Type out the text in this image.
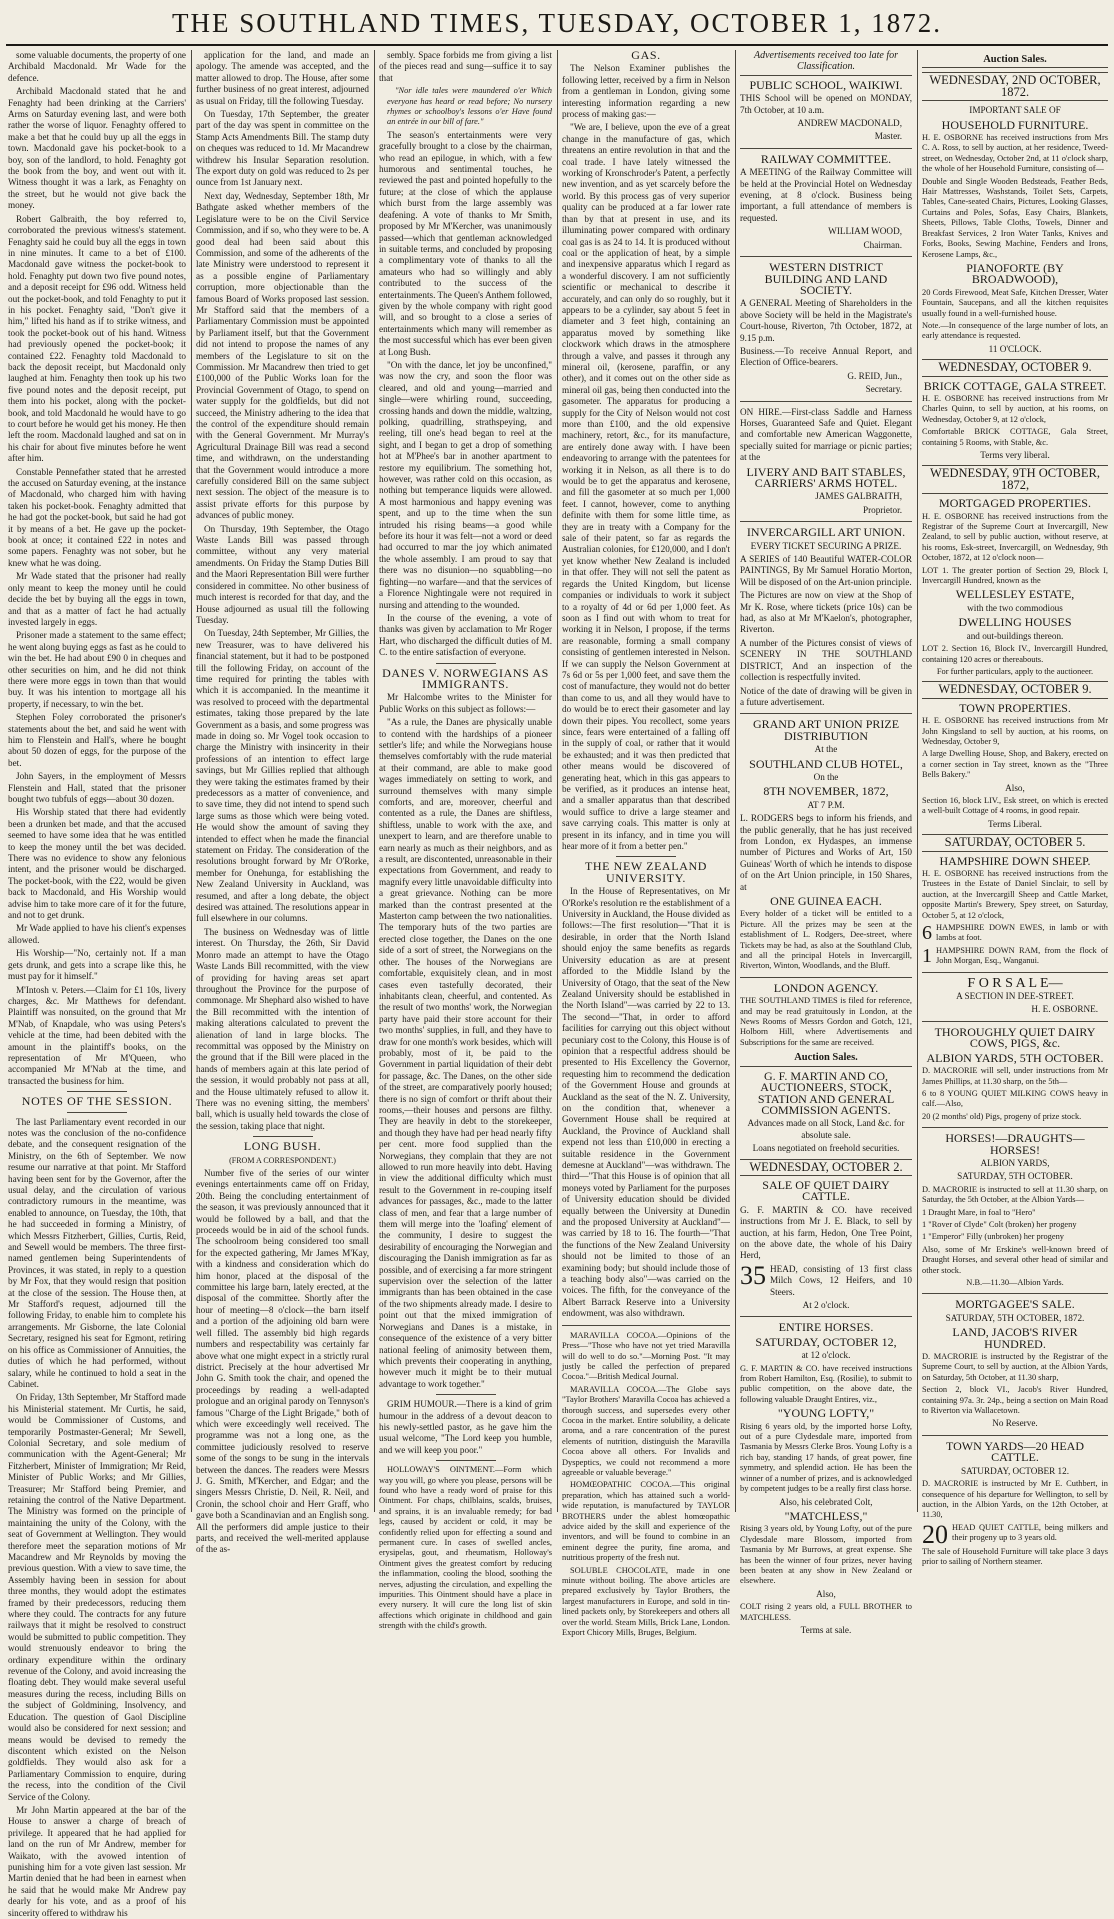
THE SOUTHLAND TIMES, TUESDAY, OCTOBER 1, 1872.

some valuable documents, the property of one Archibald Macdonald. Mr Wade for the defence.

Archibald Macdonald stated that he and Fenaghty had been drinking at the Carriers' Arms on Saturday evening last, and were both rather the worse of liquor. Fenaghty offered to make a bet that he could buy up all the eggs in town. Macdonald gave his pocket-book to a boy, son of the landlord, to hold. Fenaghty got the book from the boy, and went out with it. Witness thought it was a lark, as Fenaghty on the street, but he would not give back the money.

Robert Galbraith, the boy referred to, corroborated the previous witness's statement. Fenaghty said he could buy all the eggs in town in nine minutes. It came to a bet of £100. Macdonald gave witness the pocket-book to hold. Fenaghty put down two five pound notes, and a deposit receipt for £96 odd. Witness held out the pocket-book, and told Fenaghty to put it in his pocket. Fenaghty said, "Don't give it him," lifted his hand as if to strike witness, and took the pocket-book out of his hand. Witness had previously opened the pocket-book; it contained £22. Fenaghty told Macdonald to back the deposit receipt, but Macdonald only laughed at him. Fenaghty then took up his two five pound notes and the deposit receipt, put them into his pocket, along with the pocket-book, and told Macdonald he would have to go to court before he would get his money. He then left the room. Macdonald laughed and sat on in his chair for about five minutes before he went after him.

Constable Pennefather stated that he arrested the accused on Saturday evening, at the instance of Macdonald, who charged him with having taken his pocket-book. Fenaghty admitted that he had got the pocket-book, but said he had got it by means of a bet. He gave up the pocket-book at once; it contained £22 in notes and some papers. Fenaghty was not sober, but he knew what he was doing.

Mr Wade stated that the prisoner had really only meant to keep the money until he could decide the bet by buying all the eggs in town, and that as a matter of fact he had actually invested largely in eggs.

Prisoner made a statement to the same effect; he went along buying eggs as fast as he could to win the bet. He had about £90 0 in cheques and other securities on him, and he did not think there were more eggs in town than that would buy. It was his intention to mortgage all his property, if necessary, to win the bet.

Stephen Foley corroborated the prisoner's statements about the bet, and said he went with him to Flenstein and Hall's, where he bought about 50 dozen of eggs, for the purpose of the bet.

John Sayers, in the employment of Messrs Flenstein and Hall, stated that the prisoner bought two tubfuls of eggs—about 30 dozen.

His Worship stated that there had evidently been a drunken bet made, and that the accused seemed to have some idea that he was entitled to keep the money until the bet was decided. There was no evidence to show any felonious intent, and the prisoner would be discharged. The pocket-book, with the £22, would be given back to Macdonald, and His Worship would advise him to take more care of it for the future, and not to get drunk.

Mr Wade applied to have his client's expenses allowed.

His Worship—"No, certainly not. If a man gets drunk, and gets into a scrape like this, he must pay for it himself."

M'Intosh v. Peters.—Claim for £1 10s, livery charges, &c. Mr Matthews for defendant. Plaintiff was nonsuited, on the ground that Mr M'Nab, of Knapdale, who was using Peters's vehicle at the time, had been debited with the amount in the plaintiff's books, on the representation of Mr M'Queen, who accompanied Mr M'Nab at the time, and transacted the business for him.

NOTES OF THE SESSION.

The last Parliamentary event recorded in our notes was the conclusion of the no-confidence debate, and the consequent resignation of the Ministry, on the 6th of September. We now resume our narrative at that point. Mr Stafford having been sent for by the Governor, after the usual delay, and the circulation of various contradictory rumours in the meantime, was enabled to announce, on Tuesday, the 10th, that he had succeeded in forming a Ministry, of which Messrs Fitzherbert, Gillies, Curtis, Reid, and Sewell would be members. The three first-named gentlemen being Superintendents of Provinces, it was stated, in reply to a question by Mr Fox, that they would resign that position at the close of the session. The House then, at Mr Stafford's request, adjourned till the following Friday, to enable him to complete his arrangements. Mr Gisborne, the late Colonial Secretary, resigned his seat for Egmont, retiring on his office as Commissioner of Annuities, the duties of which he had performed, without salary, while he continued to hold a seat in the Cabinet.

On Friday, 13th September, Mr Stafford made his Ministerial statement. Mr Curtis, he said, would be Commissioner of Customs, and temporarily Postmaster-General; Mr Sewell, Colonial Secretary, and sole medium of communication with the Agent-General; Mr Fitzherbert, Minister of Immigration; Mr Reid, Minister of Public Works; and Mr Gillies, Treasurer; Mr Stafford being Premier, and retaining the control of the Native Department. The Ministry was formed on the principle of maintaining the unity of the Colony, with the seat of Government at Wellington. They would therefore meet the separation motions of Mr Macandrew and Mr Reynolds by moving the previous question. With a view to save time, the Assembly having been in session for about three months, they would adopt the estimates framed by their predecessors, reducing them where they could. The contracts for any future railways that it might be resolved to construct would be submitted to public competition. They would strenuously endeavor to bring the ordinary expenditure within the ordinary revenue of the Colony, and avoid increasing the floating debt. They would make several useful measures during the recess, including Bills on the subject of Goldmining, Insolvency, and Education. The question of Gaol Discipline would also be considered for next session; and means would be devised to remedy the discontent which existed on the Nelson goldfields. They would also ask for a Parliamentary Commission to enquire, during the recess, into the condition of the Civil Service of the Colony.

Mr John Martin appeared at the bar of the House to answer a charge of breach of privilege. It appeared that he had applied for land on the run of Mr Andrew, member for Waikato, with the avowed intention of punishing him for a vote given last session. Mr Martin denied that he had been in earnest when he said that he would make Mr Andrew pay dearly for his vote, and as a proof of his sincerity offered to withdraw his

application for the land, and made an apology. The amende was accepted, and the matter allowed to drop. The House, after some further business of no great interest, adjourned as usual on Friday, till the following Tuesday.

On Tuesday, 17th September, the greater part of the day was spent in committee on the Stamp Acts Amendments Bill. The stamp duty on cheques was reduced to 1d. Mr Macandrew withdrew his Insular Separation resolution. The export duty on gold was reduced to 2s per ounce from 1st January next.

Next day, Wednesday, September 18th, Mr Bathgate asked whether members of the Legislature were to be on the Civil Service Commission, and if so, who they were to be. A good deal had been said about this Commission, and some of the adherents of the late Ministry were understood to represent it as a possible engine of Parliamentary corruption, more objectionable than the famous Board of Works proposed last session. Mr Stafford said that the members of a Parliamentary Commission must be appointed by Parliament itself, but that the Government did not intend to propose the names of any members of the Legislature to sit on the Commission. Mr Macandrew then tried to get £100,000 of the Public Works loan for the Provincial Government of Otago, to spend on water supply for the goldfields, but did not succeed, the Ministry adhering to the idea that the control of the expenditure should remain with the General Government. Mr Murray's Agricultural Drainage Bill was read a second time, and withdrawn, on the understanding that the Government would introduce a more carefully considered Bill on the same subject next session. The object of the measure is to assist private efforts for this purpose by advances of public money.

On Thursday, 19th September, the Otago Waste Lands Bill was passed through committee, without any very material amendments. On Friday the Stamp Duties Bill and the Maori Representation Bill were further considered in committee. No other business of much interest is recorded for that day, and the House adjourned as usual till the following Tuesday.

On Tuesday, 24th September, Mr Gillies, the new Treasurer, was to have delivered his financial statement, but it had to be postponed till the following Friday, on account of the time required for printing the tables with which it is accompanied. In the meantime it was resolved to proceed with the departmental estimates, taking those prepared by the late Government as a basis, and some progress was made in doing so. Mr Vogel took occasion to charge the Ministry with insincerity in their professions of an intention to effect large savings, but Mr Gillies replied that although they were taking the estimates framed by their predecessors as a matter of convenience, and to save time, they did not intend to spend such large sums as those which were being voted. He would show the amount of saving they intended to effect when he made the financial statement on Friday. The consideration of the resolutions brought forward by Mr O'Rorke, member for Onehunga, for establishing the New Zealand University in Auckland, was resumed, and after a long debate, the object desired was attained. The resolutions appear in full elsewhere in our columns.

The business on Wednesday was of little interest. On Thursday, the 26th, Sir David Monro made an attempt to have the Otago Waste Lands Bill recommitted, with the view of providing for having areas set apart throughout the Province for the purpose of commonage. Mr Shephard also wished to have the Bill recommitted with the intention of making alterations calculated to prevent the alienation of land in large blocks. The recommittal was opposed by the Ministry on the ground that if the Bill were placed in the hands of members again at this late period of the session, it would probably not pass at all, and the House ultimately refused to allow it. There was no evening sitting, the members' ball, which is usually held towards the close of the session, taking place that night.

LONG BUSH.

(FROM A CORRESPONDENT.)

Number five of the series of our winter evenings entertainments came off on Friday, 20th. Being the concluding entertainment of the season, it was previously announced that it would be followed by a ball, and that the proceeds would be in aid of the school funds. The schoolroom being considered too small for the expected gathering, Mr James M'Kay, with a kindness and consideration which do him honor, placed at the disposal of the committee his large barn, lately erected, at the disposal of the committee. Shortly after the hour of meeting—8 o'clock—the barn itself and a portion of the adjoining old barn were well filled. The assembly bid high regards numbers and respectability was certainly far above what one might expect in a strictly rural district. Precisely at the hour advertised Mr John G. Smith took the chair, and opened the proceedings by reading a well-adapted prologue and an original parody on Tennyson's famous "Charge of the Light Brigade," both of which were exceedingly well received. The programme was not a long one, as the committee judiciously resolved to reserve some of the songs to be sung in the intervals between the dances. The readers were Messrs J. G. Smith, M'Kercher, and Edgar; and the singers Messrs Christie, D. Neil, R. Neil, and Cronin, the school choir and Herr Graff, who gave both a Scandinavian and an English song. All the performers did ample justice to their parts, and received the well-merited applause of the as-

sembly. Space forbids me from giving a list of the pieces read and sung—suffice it to say that

"Nor idle tales were maundered o'er Which everyone has heard or read before; No nursery rhymes or schoolboy's lessons o'er Have found an entrée in our bill of fare."

The season's entertainments were very gracefully brought to a close by the chairman, who read an epilogue, in which, with a few humorous and sentimental touches, he reviewed the past and pointed hopefully to the future; at the close of which the applause which burst from the large assembly was deafening. A vote of thanks to Mr Smith, proposed by Mr M'Kercher, was unanimously passed—which that gentleman acknowledged in suitable terms, and concluded by proposing a complimentary vote of thanks to all the amateurs who had so willingly and ably contributed to the success of the entertainments. The Queen's Anthem followed, given by the whole company with right good will, and so brought to a close a series of entertainments which many will remember as the most successful which has ever been given at Long Bush.

"On with the dance, let joy be unconfined," was now the cry, and soon the floor was cleared, and old and young—married and single—were whirling round, succeeding, crossing hands and down the middle, waltzing, polking, quadrilling, strathspeying, and reeling, till one's head began to reel at the sight, and I began to get a drop of something hot at M'Phee's bar in another apartment to restore my equilibrium. The something hot, however, was rather cold on this occasion, as nothing but temperance liquids were allowed. A most harmonious and happy evening was spent, and up to the time when the sun intruded his rising beams—a good while before its hour it was felt—not a word or deed had occurred to mar the joy which animated the whole assembly. I am proud to say that there was no disunion—no squabbling—no fighting—no warfare—and that the services of a Florence Nightingale were not required in nursing and attending to the wounded.

In the course of the evening, a vote of thanks was given by acclamation to Mr Roger Hart, who discharged the difficult duties of M. C. to the entire satisfaction of everyone.

DANES V. NORWEGIANS AS IMMIGRANTS.

Mr Halcombe writes to the Minister for Public Works on this subject as follows:—

"As a rule, the Danes are physically unable to contend with the hardships of a pioneer settler's life; and while the Norwegians house themselves comfortably with the rude material at their command, are able to make good wages immediately on setting to work, and surround themselves with many simple comforts, and are, moreover, cheerful and contented as a rule, the Danes are shiftless, shiftless, unable to work with the axe, and unexpert to learn, and are therefore unable to earn nearly as much as their neighbors, and as a result, are discontented, unreasonable in their expectations from Government, and ready to magnify every little unavoidable difficulty into a great grievance. Nothing can be more marked than the contrast presented at the Masterton camp between the two nationalities. The temporary huts of the two parties are erected close together, the Danes on the one side of a sort of street, the Norwegians on the other. The houses of the Norwegians are comfortable, exquisitely clean, and in most cases even tastefully decorated, their inhabitants clean, cheerful, and contented. As the result of two months' work, the Norwegian party have paid their store account for their two months' supplies, in full, and they have to draw for one month's work besides, which will probably, most of it, be paid to the Government in partial liquidation of their debt for passage, &c. The Danes, on the other side of the street, are comparatively poorly housed; there is no sign of comfort or thrift about their rooms,—their houses and persons are filthy. They are heavily in debt to the storekeeper, and though they have had per head nearly fifty per cent. more food supplied than the Norwegians, they complain that they are not allowed to run more heavily into debt. Having in view the additional difficulty which must result to the Government in re-couping itself advances for passages, &c., made to the latter class of men, and fear that a large number of them will merge into the 'loafing' element of the community, I desire to suggest the desirability of encouraging the Norwegian and discouraging the Danish immigration as far as possible, and of exercising a far more stringent supervision over the selection of the latter immigrants than has been obtained in the case of the two shipments already made. I desire to point out that the mixed immigration of Norwegians and Danes is a mistake, in consequence of the existence of a very bitter national feeling of animosity between them, which prevents their cooperating in anything, however much it might be to their mutual advantage to work together."

GRIM HUMOUR.—There is a kind of grim humour in the address of a devout deacon to his newly-settled pastor, as he gave him the usual welcome, "The Lord keep you humble, and we will keep you poor."

HOLLOWAY'S OINTMENT.—Form which way you will, go where you please, persons will be found who have a ready word of praise for this Ointment. For chaps, chilblains, scalds, bruises, and sprains, it is an invaluable remedy; for bad legs, caused by accident or cold, it may be confidently relied upon for effecting a sound and permanent cure. In cases of swelled ancles, erysipelas, gout, and rheumatism, Holloway's Ointment gives the greatest comfort by reducing the inflammation, cooling the blood, soothing the nerves, adjusting the circulation, and expelling the impurities. This Ointment should have a place in every nursery. It will cure the long list of skin affections which originate in childhood and gain strength with the child's growth.

GAS.

The Nelson Examiner publishes the following letter, received by a firm in Nelson from a gentleman in London, giving some interesting information regarding a new process of making gas:—

"We are, I believe, upon the eve of a great change in the manufacture of gas, which threatens an entire revolution in that and the coal trade. I have lately witnessed the working of Kronschroder's Patent, a perfectly new invention, and as yet scarcely before the world. By this process gas of very superior quality can be produced at a far lower rate than by that at present in use, and its illuminating power compared with ordinary coal gas is as 24 to 14. It is produced without coal or the application of heat, by a simple and inexpensive apparatus which I regard as a wonderful discovery. I am not sufficiently scientific or mechanical to describe it accurately, and can only do so roughly, but it appears to be a cylinder, say about 5 feet in diameter and 3 feet high, containing an apparatus moved by something like clockwork which draws in the atmosphere through a valve, and passes it through any mineral oil, (kerosene, paraffin, or any other), and it comes out on the other side as mineral oil gas, being then conducted into the gasometer. The apparatus for producing a supply for the City of Nelson would not cost more than £100, and the old expensive machinery, retort, &c., for its manufacture, are entirely done away with. I have been endeavoring to arrange with the patentees for working it in Nelson, as all there is to do would be to get the apparatus and kerosene, and fill the gasometer at so much per 1,000 feet. I cannot, however, come to anything definite with them for some little time, as they are in treaty with a Company for the sale of their patent, so far as regards the Australian colonies, for £120,000, and I don't yet know whether New Zealand is included in that offer. They will not sell the patent as regards the United Kingdom, but license companies or individuals to work it subject to a royalty of 4d or 6d per 1,000 feet. As soon as I find out with whom to treat for working it in Nelson, I propose, if the terms are reasonable, forming a small company consisting of gentlemen interested in Nelson. If we can supply the Nelson Government at 7s 6d or 5s per 1,000 feet, and save them the cost of manufacture, they would not do better than come to us, and all they would have to do would be to erect their gasometer and lay down their pipes. You recollect, some years since, fears were entertained of a falling off in the supply of coal, or rather that it would be exhausted; and it was then predicted that other means would be discovered of generating heat, which in this gas appears to be verified, as it produces an intense heat, and a smaller apparatus than that described would suffice to drive a large steamer and save carrying coals. This matter is only at present in its infancy, and in time you will hear more of it from a better pen."

THE NEW ZEALAND UNIVERSITY.

In the House of Representatives, on Mr O'Rorke's resolution re the establishment of a University in Auckland, the House divided as follows:—The first resolution—"That it is desirable, in order that the North Island should enjoy the same benefits as regards University education as are at present afforded to the Middle Island by the University of Otago, that the seat of the New Zealand University should be established in the North Island"—was carried by 22 to 13. The second—"That, in order to afford facilities for carrying out this object without pecuniary cost to the Colony, this House is of opinion that a respectful address should be presented to His Excellency the Governor, requesting him to recommend the dedication of the Government House and grounds at Auckland as the seat of the N. Z. University, on the condition that, whenever a Government House shall be required at Auckland, the Province of Auckland shall expend not less than £10,000 in erecting a suitable residence in the Government demesne at Auckland"—was withdrawn. The third—"That this House is of opinion that all moneys voted by Parliament for the purposes of University education should be divided equally between the University at Dunedin and the proposed University at Auckland"—was carried by 18 to 16. The fourth—"That the functions of the New Zealand University should not be limited to those of an examining body; but should include those of a teaching body also"—was carried on the voices. The fifth, for the conveyance of the Albert Barrack Reserve into a University endowment, was also withdrawn.

MARAVILLA COCOA.—Opinions of the Press—"Those who have not yet tried Maravilla will do well to do so."—Morning Post. "It may justly be called the perfection of prepared Cocoa."—British Medical Journal.

MARAVILLA COCOA.—The Globe says "Taylor Brothers' Maravilla Cocoa has achieved a thorough success, and supersedes every other Cocoa in the market. Entire solubility, a delicate aroma, and a rare concentration of the purest elements of nutrition, distinguish the Maravilla Cocoa above all others. For Invalids and Dyspeptics, we could not recommend a more agreeable or valuable beverage."

HOMŒOPATHIC COCOA.—This original preparation, which has attained such a world-wide reputation, is manufactured by TAYLOR BROTHERS under the ablest homœopathic advice aided by the skill and experience of the inventors, and will be found to combine in an eminent degree the purity, fine aroma, and nutritious property of the fresh nut.

SOLUBLE CHOCOLATE, made in one minute without boiling. The above articles are prepared exclusively by Taylor Brothers, the largest manufacturers in Europe, and sold in tin-lined packets only, by Storekeepers and others all over the world. Steam Mills, Brick Lane, London. Export Chicory Mills, Bruges, Belgium.

Advertisements received too late for Classification.

PUBLIC SCHOOL, WAIKIWI.

THIS School will be opened on MONDAY, 7th October, at 10 a.m.

ANDREW MACDONALD,

Master.

RAILWAY COMMITTEE.

A MEETING of the Railway Committee will be held at the Provincial Hotel on Wednesday evening, at 8 o'clock. Business being important, a full attendance of members is requested.

WILLIAM WOOD,

Chairman.

WESTERN DISTRICT BUILDING AND LAND SOCIETY.

A GENERAL Meeting of Shareholders in the above Society will be held in the Magistrate's Court-house, Riverton, 7th October, 1872, at 9.15 p.m.

Business.—To receive Annual Report, and Election of Office-bearers.

G. REID, Jun.,

Secretary.

ON HIRE.—First-class Saddle and Harness Horses, Guaranteed Safe and Quiet. Elegant and comfortable new American Waggonette, specially suited for marriage or picnic parties; at the

LIVERY AND BAIT STABLES, CARRIERS' ARMS HOTEL.

JAMES GALBRAITH,

Proprietor.

INVERCARGILL ART UNION.

EVERY TICKET SECURING A PRIZE.

A SERIES of 140 Beautiful WATER-COLOR PAINTINGS, By Mr Samuel Horatio Morton, Will be disposed of on the Art-union principle.

The Pictures are now on view at the Shop of Mr K. Rose, where tickets (price 10s) can be had, as also at Mr M'Kaelon's, photographer, Riverton.

A number of the Pictures consist of views of SCENERY IN THE SOUTHLAND DISTRICT, And an inspection of the collection is respectfully invited.

Notice of the date of drawing will be given in a future advertisement.

GRAND ART UNION PRIZE DISTRIBUTION

At the

SOUTHLAND CLUB HOTEL,

On the

8TH NOVEMBER, 1872,

AT 7 P.M.

L. RODGERS begs to inform his friends, and the public generally, that he has just received from London, ex Hydaspes, an immense number of Pictures and Works of Art, 150 Guineas' Worth of which he intends to dispose of on the Art Union principle, in 150 Shares, at

ONE GUINEA EACH.

Every holder of a ticket will be entitled to a Picture. All the prizes may be seen at the establishment of L. Rodgers, Dee-street, where Tickets may be had, as also at the Southland Club, and all the principal Hotels in Invercargill, Riverton, Winton, Woodlands, and the Bluff.

LONDON AGENCY.

THE SOUTHLAND TIMES is filed for reference, and may be read gratuitously in London, at the News Rooms of Messrs Gordon and Gotch, 121, Holborn Hill, where Advertisements and Subscriptions for the same are received.

Auction Sales.

G. F. MARTIN AND CO, AUCTIONEERS, STOCK, STATION AND GENERAL COMMISSION AGENTS.

Advances made on all Stock, Land &c. for absolute sale.

Loans negotiated on freehold securities.

WEDNESDAY, OCTOBER 2.

SALE OF QUIET DAIRY CATTLE.

G. F. MARTIN & CO. have received instructions from Mr J. E. Black, to sell by auction, at his farm, Hedon, One Tree Point, on the above date, the whole of his Dairy Herd,

35 HEAD, consisting of 13 first class Milch Cows, 12 Heifers, and 10 Steers.

At 2 o'clock.

ENTIRE HORSES.

SATURDAY, OCTOBER 12,

at 12 o'clock.

G. F. MARTIN & CO. have received instructions from Robert Hamilton, Esq. (Rosilie), to submit to public competition, on the above date, the following valuable Draught Entires, viz.,

"YOUNG LOFTY,"

Rising 6 years old, by the imported horse Lofty, out of a pure Clydesdale mare, imported from Tasmania by Messrs Clerke Bros. Young Lofty is a rich bay, standing 17 hands, of great power, fine symmetry, and splendid action. He has been the winner of a number of prizes, and is acknowledged by competent judges to be a really first class horse.

Also, his celebrated Colt,

"MATCHLESS,"

Rising 3 years old, by Young Lofty, out of the pure Clydesdale mare Blossom, imported from Tasmania by Mr Burrows, at great expense. She has been the winner of four prizes, never having been beaten at any show in New Zealand or elsewhere.

Also,

COLT rising 2 years old, a FULL BROTHER to MATCHLESS.

Terms at sale.

Auction Sales.
WEDNESDAY, 2ND OCTOBER, 1872.

IMPORTANT SALE OF

HOUSEHOLD FURNITURE.

H. E. OSBORNE has received instructions from Mrs C. A. Ross, to sell by auction, at her residence, Tweed-street, on Wednesday, October 2nd, at 11 o'clock sharp, the whole of her Household Furniture, consisting of—

Double and Single Wooden Bedsteads, Feather Beds, Hair Mattresses, Washstands, Toilet Sets, Carpets, Tables, Cane-seated Chairs, Pictures, Looking Glasses, Curtains and Poles, Sofas, Easy Chairs, Blankets, Sheets, Pillows, Table Cloths, Towels, Dinner and Breakfast Services, 2 Iron Water Tanks, Knives and Forks, Books, Sewing Machine, Fenders and Irons, Kerosene Lamps, &c.,

PIANOFORTE (BY BROADWOOD),

20 Cords Firewood, Meat Safe, Kitchen Dresser, Water Fountain, Saucepans, and all the kitchen requisites usually found in a well-furnished house.

Note.—In consequence of the large number of lots, an early attendance is requested.

11 O'CLOCK.

WEDNESDAY, OCTOBER 9.

BRICK COTTAGE, GALA STREET.

H. E. OSBORNE has received instructions from Mr Charles Quinn, to sell by auction, at his rooms, on Wednesday, October 9, at 12 o'clock,

Comfortable BRICK COTTAGE, Gala Street, containing 5 Rooms, with Stable, &c.

Terms very liberal.

WEDNESDAY, 9TH OCTOBER, 1872,

MORTGAGED PROPERTIES.

H. E. OSBORNE has received instructions from the Registrar of the Supreme Court at Invercargill, New Zealand, to sell by public auction, without reserve, at his rooms, Esk-street, Invercargill, on Wednesday, 9th October, 1872, at 12 o'clock noon—

LOT 1. The greater portion of Section 29, Block I, Invercargill Hundred, known as the

WELLESLEY ESTATE,

with the two commodious

DWELLING HOUSES

and out-buildings thereon.

LOT 2. Section 16, Block IV., Invercargill Hundred, containing 120 acres or thereabouts.

For further particulars, apply to the auctioneer.

WEDNESDAY, OCTOBER 9.

TOWN PROPERTIES.

H. E. OSBORNE has received instructions from Mr John Kingsland to sell by auction, at his rooms, on Wednesday, October 9,

A large Dwelling House, Shop, and Bakery, erected on a corner section in Tay street, known as the "Three Bells Bakery."

Also,

Section 16, block LIV., Esk street, on which is erected a well-built Cottage of 4 rooms, in good repair.

Terms Liberal.

SATURDAY, OCTOBER 5.

HAMPSHIRE DOWN SHEEP.

H. E. OSBORNE has received instructions from the Trustees in the Estate of Daniel Sinclair, to sell by auction, at the Invercargill Sheep and Cattle Market, opposite Martin's Brewery, Spey street, on Saturday, October 5, at 12 o'clock,

6 HAMPSHIRE DOWN EWES, in lamb or with lambs at foot.

1 HAMPSHIRE DOWN RAM, from the flock of John Morgan, Esq., Wanganui.

F O R S A L E—

A SECTION IN DEE-STREET.

H. E. OSBORNE.

THOROUGHLY QUIET DAIRY COWS, PIGS, &c.

ALBION YARDS, 5TH OCTOBER.

D. MACRORIE will sell, under instructions from Mr James Phillips, at 11.30 sharp, on the 5th—

6 to 8 YOUNG QUIET MILKING COWS heavy in calf.—Also,

20 (2 months' old) Pigs, progeny of prize stock.

HORSES!—DRAUGHTS—HORSES!

ALBION YARDS,

SATURDAY, 5TH OCTOBER.

D. MACRORIE is instructed to sell at 11.30 sharp, on Saturday, the 5th October, at the Albion Yards—

1 Draught Mare, in foal to "Hero"

1 "Rover of Clyde" Colt (broken) her progeny

1 "Emperor" Filly (unbroken) her progeny

Also, some of Mr Erskine's well-known breed of Draught Horses, and several other head of similar and other stock.

N.B.—11.30—Albion Yards.

MORTGAGEE'S SALE.

SATURDAY, 5TH OCTOBER, 1872.

LAND, JACOB'S RIVER HUNDRED.

D. MACRORIE is instructed by the Registrar of the Supreme Court, to sell by auction, at the Albion Yards, on Saturday, 5th October, at 11.30 sharp,

Section 2, block VI., Jacob's River Hundred, containing 97a. 3r. 24p., being a section on Main Road to Riverton via Wallacetown.

No Reserve.

TOWN YARDS—20 HEAD CATTLE.

SATURDAY, OCTOBER 12.

D. MACRORIE is instructed by Mr E. Cuthbert, in consequence of his departure for Wellington, to sell by auction, in the Albion Yards, on the 12th October, at 11.30,

20 HEAD QUIET CATTLE, being milkers and their progeny up to 3 years old.

The sale of Household Furniture will take place 3 days prior to sailing of Northern steamer.
